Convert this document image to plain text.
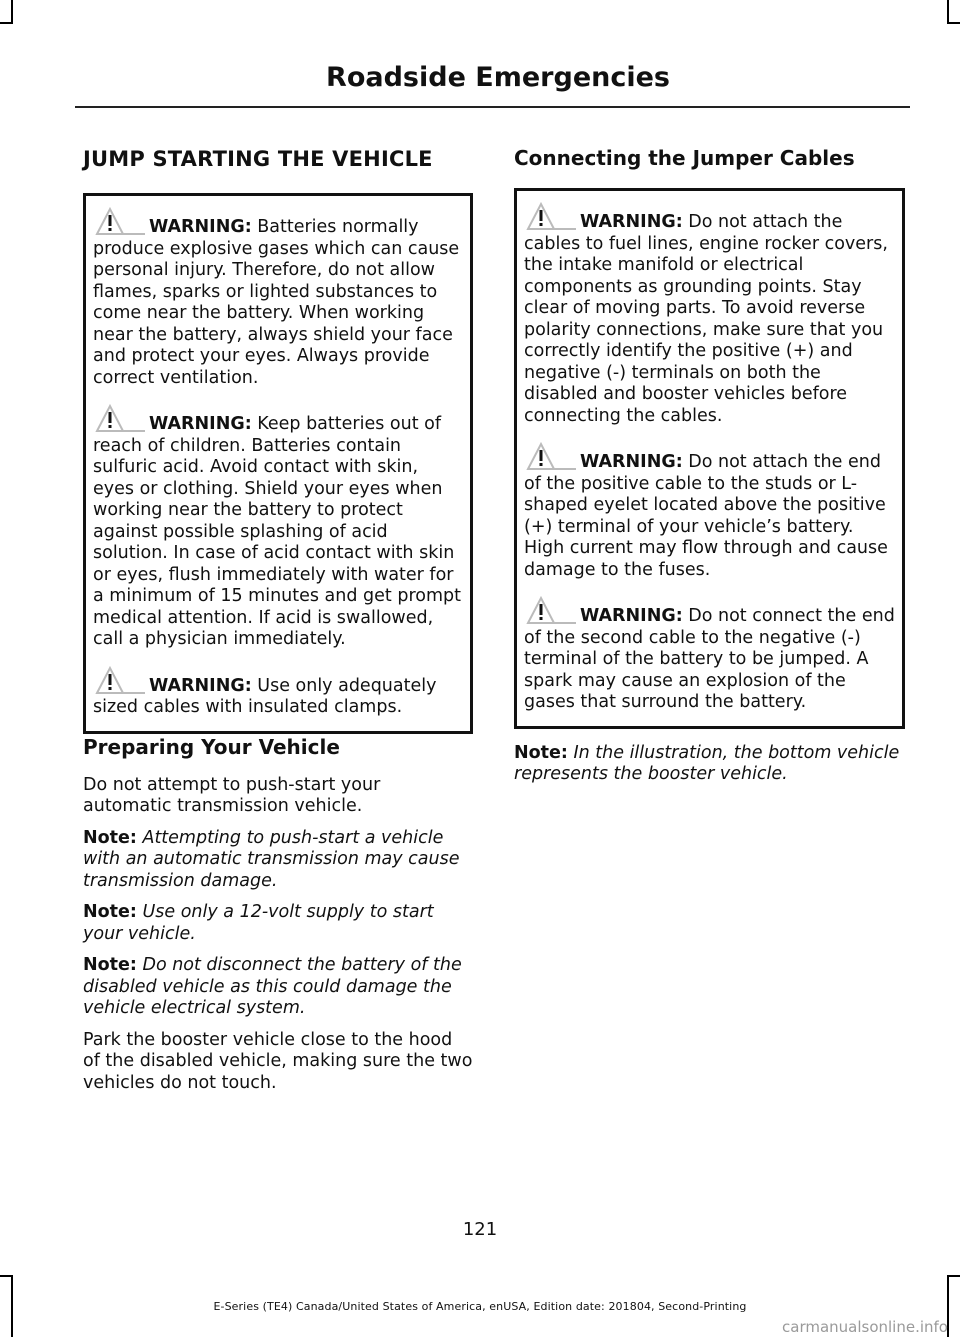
Roadside Emergencies
JUMP STARTING THE VEHICLE

WARNING: Batteries normally produce explosive gases which can cause personal injury. Therefore, do not allow flames, sparks or lighted substances to come near the battery. When working near the battery, always shield your face and protect your eyes. Always provide correct ventilation.

WARNING: Keep batteries out of reach of children. Batteries contain sulfuric acid. Avoid contact with skin, eyes or clothing. Shield your eyes when working near the battery to protect against possible splashing of acid solution. In case of acid contact with skin or eyes, flush immediately with water for a minimum of 15 minutes and get prompt medical attention. If acid is swallowed, call a physician immediately.

WARNING: Use only adequately sized cables with insulated clamps.

Preparing Your Vehicle

Do not attempt to push-start your automatic transmission vehicle.

Note: Attempting to push-start a vehicle with an automatic transmission may cause transmission damage.

Note: Use only a 12-volt supply to start your vehicle.

Note: Do not disconnect the battery of the disabled vehicle as this could damage the vehicle electrical system.

Park the booster vehicle close to the hood of the disabled vehicle, making sure the two vehicles do not touch.

Connecting the Jumper Cables

WARNING: Do not attach the cables to fuel lines, engine rocker covers, the intake manifold or electrical components as grounding points. Stay clear of moving parts. To avoid reverse polarity connections, make sure that you correctly identify the positive (+) and negative (-) terminals on both the disabled and booster vehicles before connecting the cables.

WARNING: Do not attach the end of the positive cable to the studs or L-shaped eyelet located above the positive (+) terminal of your vehicle’s battery. High current may flow through and cause damage to the fuses.

WARNING: Do not connect the end of the second cable to the negative (-) terminal of the battery to be jumped. A spark may cause an explosion of the gases that surround the battery.

Note: In the illustration, the bottom vehicle represents the booster vehicle.

121
E-Series (TE4) Canada/United States of America, enUSA, Edition date: 201804, Second-Printing
carmanualsonline.info
